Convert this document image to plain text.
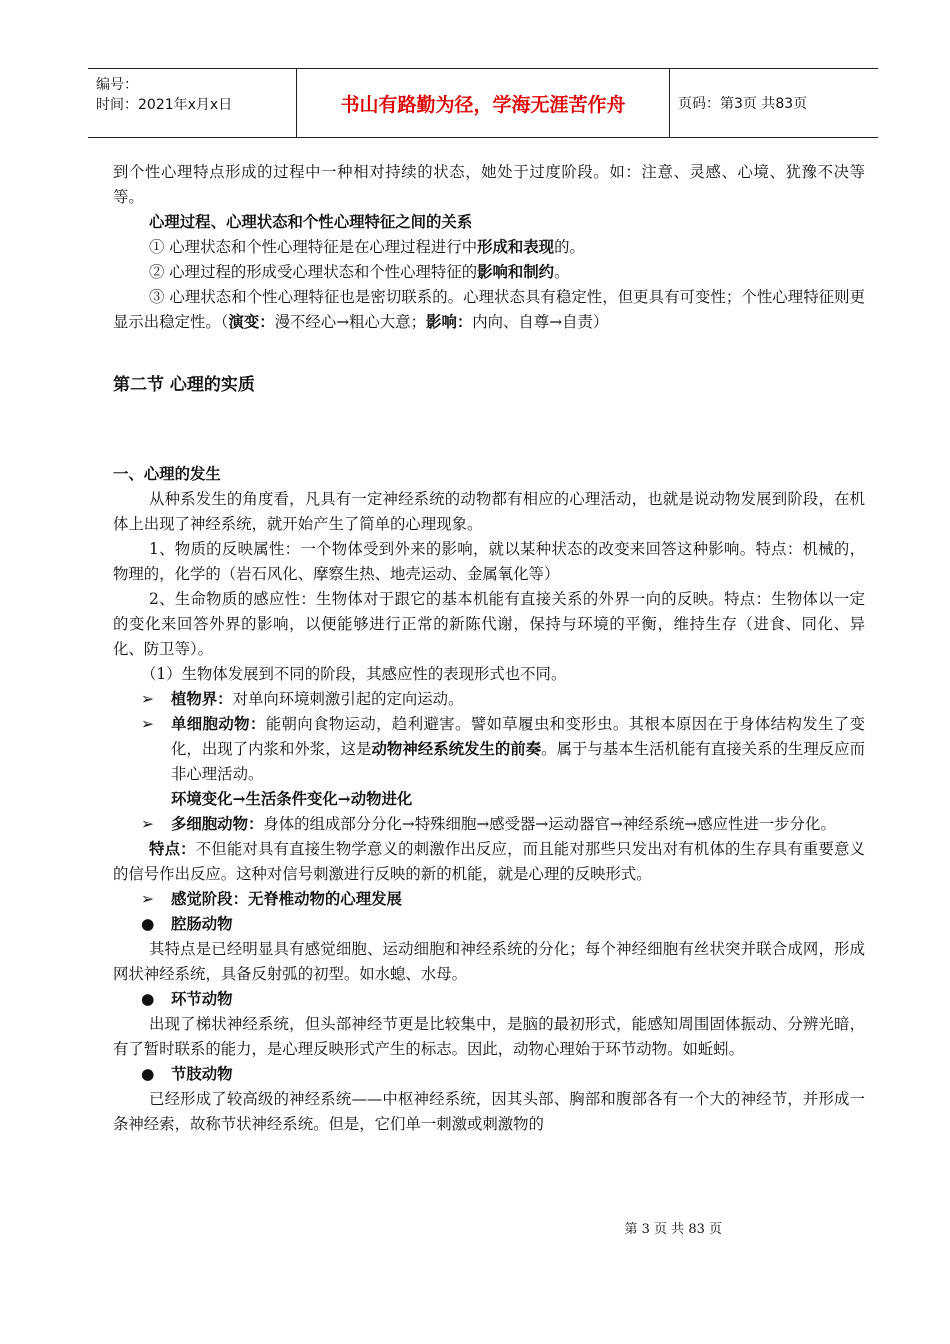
编号：
时间：2021年x月x日	书山有路勤为径，学海无涯苦作舟	页码：第3页 共83页

到个性心理特点形成的过程中一种相对持续的状态，她处于过度阶段。如：注意、灵感、心境、犹豫不决等等。

心理过程、心理状态和个性心理特征之间的关系

① 心理状态和个性心理特征是在心理过程进行中形成和表现的。

② 心理过程的形成受心理状态和个性心理特征的影响和制约。

③ 心理状态和个性心理特征也是密切联系的。心理状态具有稳定性，但更具有可变性；个性心理特征则更显示出稳定性。（演变：漫不经心→粗心大意；影响：内向、自尊→自责）

第二节 心理的实质

一、心理的发生

从种系发生的角度看，凡具有一定神经系统的动物都有相应的心理活动，也就是说动物发展到阶段，在机体上出现了神经系统，就开始产生了简单的心理现象。

1、物质的反映属性：一个物体受到外来的影响，就以某种状态的改变来回答这种影响。特点：机械的，物理的，化学的（岩石风化、摩察生热、地壳运动、金属氧化等）

2、生命物质的感应性：生物体对于跟它的基本机能有直接关系的外界一向的反映。特点：生物体以一定的变化来回答外界的影响，以便能够进行正常的新陈代谢，保持与环境的平衡，维持生存（进食、同化、异化、防卫等）。

（1）生物体发展到不同的阶段，其感应性的表现形式也不同。

➢ 植物界：对单向环境刺激引起的定向运动。

➢ 单细胞动物：能朝向食物运动，趋利避害。譬如草履虫和变形虫。其根本原因在于身体结构发生了变化，出现了内浆和外浆，这是动物神经系统发生的前奏。属于与基本生活机能有直接关系的生理反应而非心理活动。

环境变化→生活条件变化→动物进化

➢ 多细胞动物：身体的组成部分分化→特殊细胞→感受器→运动器官→神经系统→感应性进一步分化。

特点：不但能对具有直接生物学意义的刺激作出反应，而且能对那些只发出对有机体的生存具有重要意义的信号作出反应。这种对信号刺激进行反映的新的机能，就是心理的反映形式。

➢ 感觉阶段：无脊椎动物的心理发展

● 腔肠动物

其特点是已经明显具有感觉细胞、运动细胞和神经系统的分化；每个神经细胞有丝状突并联合成网，形成网状神经系统，具备反射弧的初型。如水螅、水母。

● 环节动物

出现了梯状神经系统，但头部神经节更是比较集中，是脑的最初形式，能感知周围固体振动、分辨光暗，有了暂时联系的能力，是心理反映形式产生的标志。因此，动物心理始于环节动物。如蚯蚓。

● 节肢动物

已经形成了较高级的神经系统——中枢神经系统，因其头部、胸部和腹部各有一个大的神经节，并形成一条神经索，故称节状神经系统。但是，它们单一刺激或刺激物的

第 3 页 共 83 页
